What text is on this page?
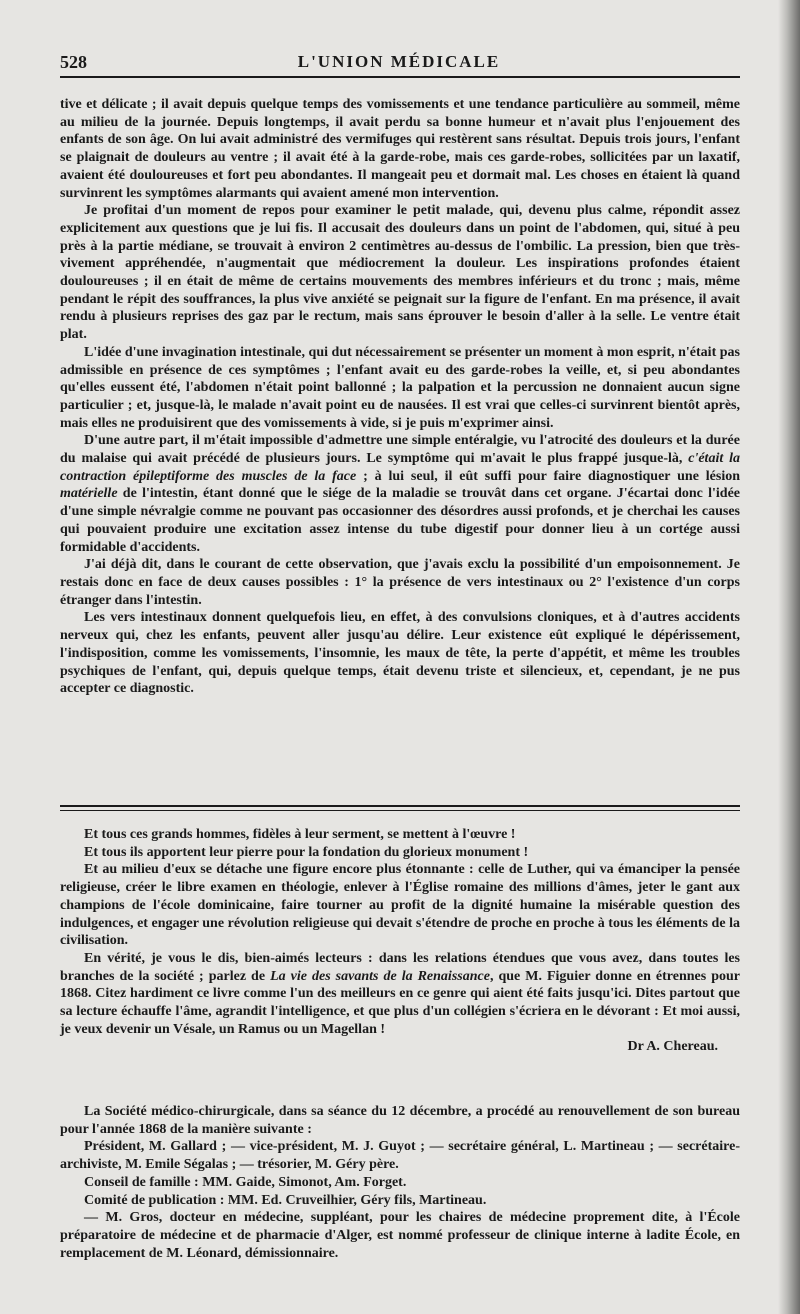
528	L'UNION MÉDICALE

tive et délicate ; il avait depuis quelque temps des vomissements et une tendance particulière au sommeil, même au milieu de la journée. Depuis longtemps, il avait perdu sa bonne humeur et n'avait plus l'enjouement des enfants de son âge. On lui avait administré des vermifuges qui restèrent sans résultat. Depuis trois jours, l'enfant se plaignait de douleurs au ventre ; il avait été à la garde-robe, mais ces garde-robes, sollicitées par un laxatif, avaient été douloureuses et fort peu abondantes. Il mangeait peu et dormait mal. Les choses en étaient là quand survinrent les symptômes alarmants qui avaient amené mon intervention.

Je profitai d'un moment de repos pour examiner le petit malade, qui, devenu plus calme, répondit assez explicitement aux questions que je lui fis. Il accusait des douleurs dans un point de l'abdomen, qui, situé à peu près à la partie médiane, se trouvait à environ 2 centimètres au-dessus de l'ombilic. La pression, bien que très-vivement appréhendée, n'augmentait que médiocrement la douleur. Les inspirations profondes étaient douloureuses ; il en était de même de certains mouvements des membres inférieurs et du tronc ; mais, même pendant le répit des souffrances, la plus vive anxiété se peignait sur la figure de l'enfant. En ma présence, il avait rendu à plusieurs reprises des gaz par le rectum, mais sans éprouver le besoin d'aller à la selle. Le ventre était plat.

L'idée d'une invagination intestinale, qui dut nécessairement se présenter un moment à mon esprit, n'était pas admissible en présence de ces symptômes ; l'enfant avait eu des garde-robes la veille, et, si peu abondantes qu'elles eussent été, l'abdomen n'était point ballonné ; la palpation et la percussion ne donnaient aucun signe particulier ; et, jusque-là, le malade n'avait point eu de nausées. Il est vrai que celles-ci survinrent bientôt après, mais elles ne produisirent que des vomissements à vide, si je puis m'exprimer ainsi.

D'une autre part, il m'était impossible d'admettre une simple entéralgie, vu l'atrocité des douleurs et la durée du malaise qui avait précédé de plusieurs jours. Le symptôme qui m'avait le plus frappé jusque-là, c'était la contraction épileptiforme des muscles de la face ; à lui seul, il eût suffi pour faire diagnostiquer une lésion matérielle de l'intestin, étant donné que le siége de la maladie se trouvât dans cet organe. J'écartai donc l'idée d'une simple névralgie comme ne pouvant pas occasionner des désordres aussi profonds, et je cherchai les causes qui pouvaient produire une excitation assez intense du tube digestif pour donner lieu à un cortége aussi formidable d'accidents.

J'ai déjà dit, dans le courant de cette observation, que j'avais exclu la possibilité d'un empoisonnement. Je restais donc en face de deux causes possibles : 1° la présence de vers intestinaux ou 2° l'existence d'un corps étranger dans l'intestin.

Les vers intestinaux donnent quelquefois lieu, en effet, à des convulsions cloniques, et à d'autres accidents nerveux qui, chez les enfants, peuvent aller jusqu'au délire. Leur existence eût expliqué le dépérissement, l'indisposition, comme les vomissements, l'insomnie, les maux de tête, la perte d'appétit, et même les troubles psychiques de l'enfant, qui, depuis quelque temps, était devenu triste et silencieux, et, cependant, je ne pus accepter ce diagnostic.

Et tous ces grands hommes, fidèles à leur serment, se mettent à l'œuvre !

Et tous ils apportent leur pierre pour la fondation du glorieux monument !

Et au milieu d'eux se détache une figure encore plus étonnante : celle de Luther, qui va émanciper la pensée religieuse, créer le libre examen en théologie, enlever à l'Église romaine des millions d'âmes, jeter le gant aux champions de l'école dominicaine, faire tourner au profit de la dignité humaine la misérable question des indulgences, et engager une révolution religieuse qui devait s'étendre de proche en proche à tous les éléments de la civilisation.

En vérité, je vous le dis, bien-aimés lecteurs : dans les relations étendues que vous avez, dans toutes les branches de la société ; parlez de La vie des savants de la Renaissance, que M. Figuier donne en étrennes pour 1868. Citez hardiment ce livre comme l'un des meilleurs en ce genre qui aient été faits jusqu'ici. Dites partout que sa lecture échauffe l'âme, agrandit l'intelligence, et que plus d'un collégien s'écriera en le dévorant : Et moi aussi, je veux devenir un Vésale, un Ramus ou un Magellan !

Dr A. Chereau.

La Société médico-chirurgicale, dans sa séance du 12 décembre, a procédé au renouvellement de son bureau pour l'année 1868 de la manière suivante :

Président, M. Gallard ; — vice-président, M. J. Guyot ; — secrétaire général, L. Martineau ; — secrétaire-archiviste, M. Emile Ségalas ; — trésorier, M. Géry père.

Conseil de famille : MM. Gaide, Simonot, Am. Forget.

Comité de publication : MM. Ed. Cruveilhier, Géry fils, Martineau.

— M. Gros, docteur en médecine, suppléant, pour les chaires de médecine proprement dite, à l'École préparatoire de médecine et de pharmacie d'Alger, est nommé professeur de clinique interne à ladite École, en remplacement de M. Léonard, démissionnaire.
